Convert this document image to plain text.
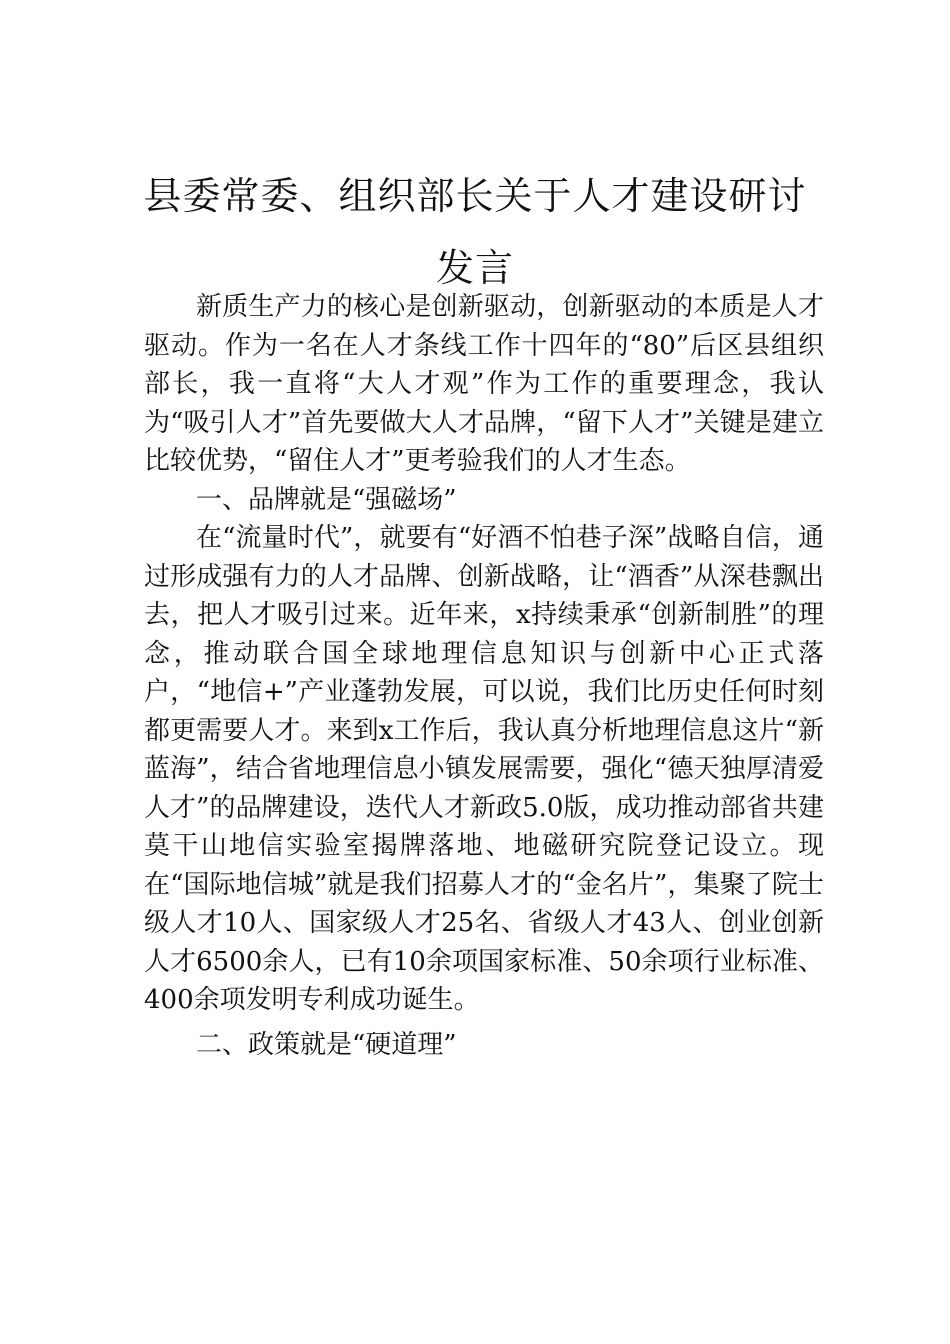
县委常委、组织部长关于人才建设研讨发言

新质生产力的核心是创新驱动，创新驱动的本质是人才驱动。作为一名在人才条线工作十四年的“80”后区县组织部长，我一直将“大人才观”作为工作的重要理念，我认为“吸引人才”首先要做大人才品牌，“留下人才”关键是建立比较优势，“留住人才”更考验我们的人才生态。

一、品牌就是“强磁场”

在“流量时代”，就要有“好酒不怕巷子深”战略自信，通过形成强有力的人才品牌、创新战略，让“酒香”从深巷飘出去，把人才吸引过来。近年来，x持续秉承“创新制胜”的理念，推动联合国全球地理信息知识与创新中心正式落户，“地信+”产业蓬勃发展，可以说，我们比历史任何时刻都更需要人才。来到x工作后，我认真分析地理信息这片“新蓝海”，结合省地理信息小镇发展需要，强化“德天独厚清爱人才”的品牌建设，迭代人才新政5.0版，成功推动部省共建莫干山地信实验室揭牌落地、地磁研究院登记设立。现在“国际地信城”就是我们招募人才的“金名片”，集聚了院士级人才10人、国家级人才25名、省级人才43人、创业创新人才6500余人，已有10余项国家标准、50余项行业标准、400余项发明专利成功诞生。

二、政策就是“硬道理”
